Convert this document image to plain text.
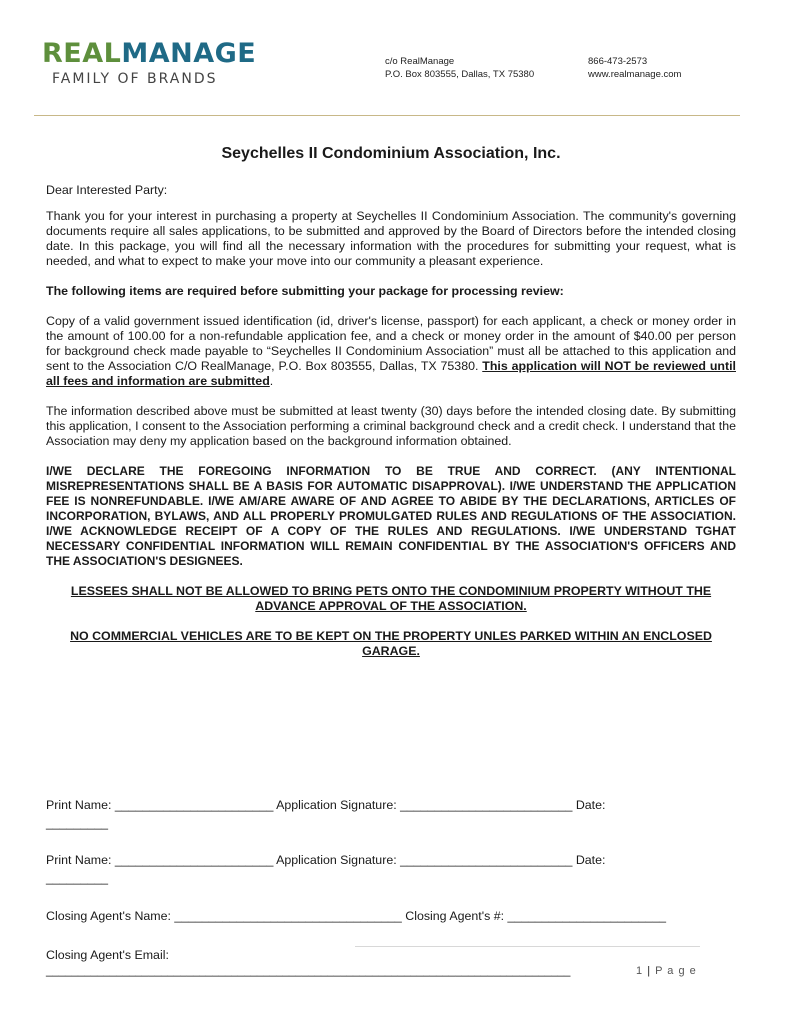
REALMANAGE
FAMILY OF BRANDS
c/o RealManage
P.O. Box 803555, Dallas, TX 75380
866-473-2573
www.realmanage.com
Seychelles II Condominium Association, Inc.

Dear Interested Party:

Thank you for your interest in purchasing a property at Seychelles II Condominium Association. The community's governing documents require all sales applications, to be submitted and approved by the Board of Directors before the intended closing date. In this package, you will find all the necessary information with the procedures for submitting your request, what is needed, and what to expect to make your move into our community a pleasant experience.

The following items are required before submitting your package for processing review:

Copy of a valid government issued identification (id, driver's license, passport) for each applicant, a check or money order in the amount of 100.00 for a non-refundable application fee, and a check or money order in the amount of $40.00 per person for background check made payable to “Seychelles II Condominium Association” must all be attached to this application and sent to the Association C/O RealManage, P.O. Box 803555, Dallas, TX 75380. This application will NOT be reviewed until all fees and information are submitted.

The information described above must be submitted at least twenty (30) days before the intended closing date. By submitting this application, I consent to the Association performing a criminal background check and a credit check. I understand that the Association may deny my application based on the background information obtained.

I/WE DECLARE THE FOREGOING INFORMATION TO BE TRUE AND CORRECT. (ANY INTENTIONAL MISREPRESENTATIONS SHALL BE A BASIS FOR AUTOMATIC DISAPPROVAL). I/WE UNDERSTAND THE APPLICATION FEE IS NONREFUNDABLE. I/WE AM/ARE AWARE OF AND AGREE TO ABIDE BY THE DECLARATIONS, ARTICLES OF INCORPORATION, BYLAWS, AND ALL PROPERLY PROMULGATED RULES AND REGULATIONS OF THE ASSOCIATION. I/WE ACKNOWLEDGE RECEIPT OF A COPY OF THE RULES AND REGULATIONS. I/WE UNDERSTAND TGHAT NECESSARY CONFIDENTIAL INFORMATION WILL REMAIN CONFIDENTIAL BY THE ASSOCIATION'S OFFICERS AND THE ASSOCIATION'S DESIGNEES.

LESSEES SHALL NOT BE ALLOWED TO BRING PETS ONTO THE CONDOMINIUM PROPERTY WITHOUT THE ADVANCE APPROVAL OF THE ASSOCIATION.

NO COMMERCIAL VEHICLES ARE TO BE KEPT ON THE PROPERTY UNLES PARKED WITHIN AN ENCLOSED GARAGE.

Print Name: _______________________ Application Signature: _________________________ Date:
_________
Print Name: _______________________ Application Signature: _________________________ Date:
_________
Closing Agent's Name: _________________________________ Closing Agent's #: _______________________
Closing Agent's Email:
__________________________________________________________________________________	1 | P a g e
